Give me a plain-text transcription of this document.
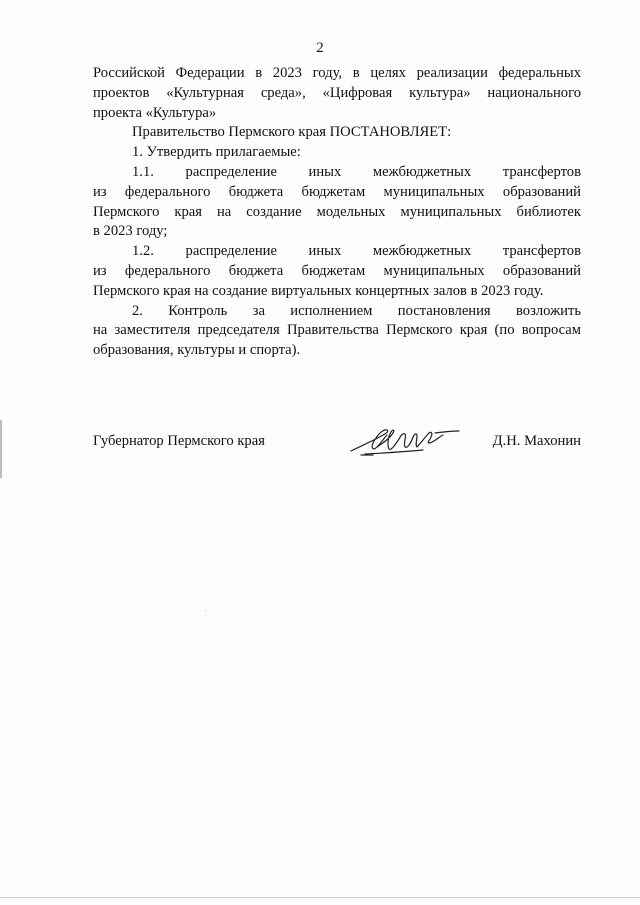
2
Российской Федерации в 2023 году, в целях реализации федеральных
проектов «Культурная среда», «Цифровая культура» национального
проекта «Культура»
Правительство Пермского края ПОСТАНОВЛЯЕТ:
1. Утвердить прилагаемые:
1.1. распределение иных межбюджетных трансфертов
из федерального бюджета бюджетам муниципальных образований
Пермского края на создание модельных муниципальных библиотек
в 2023 году;
1.2. распределение иных межбюджетных трансфертов
из федерального бюджета бюджетам муниципальных образований
Пермского края на создание виртуальных концертных залов в 2023 году.
2. Контроль за исполнением постановления возложить
на заместителя председателя Правительства Пермского края (по вопросам
образования, культуры и спорта).
Губернатор Пермского края	Д.Н. Махонин
